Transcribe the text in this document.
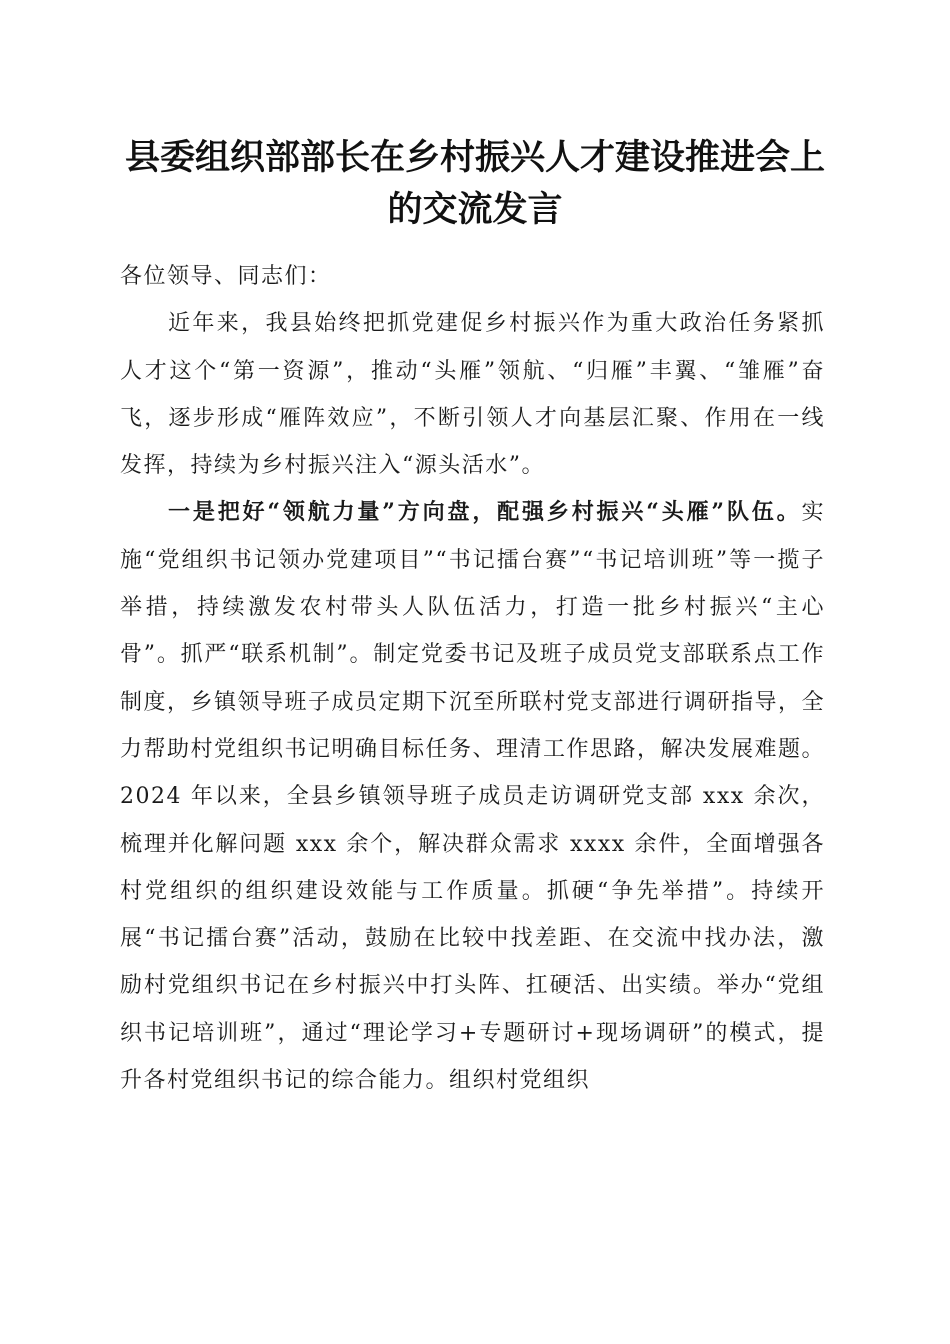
县委组织部部长在乡村振兴人才建设推进会上
的交流发言

各位领导、同志们：

近年来，我县始终把抓党建促乡村振兴作为重大政治任务紧抓人才这个“第一资源”，推动“头雁”领航、“归雁”丰翼、“雏雁”奋飞，逐步形成“雁阵效应”，不断引领人才向基层汇聚、作用在一线发挥，持续为乡村振兴注入“源头活水”。

一是把好“领航力量”方向盘，配强乡村振兴“头雁”队伍。实施“党组织书记领办党建项目”“书记擂台赛”“书记培训班”等一揽子举措，持续激发农村带头人队伍活力，打造一批乡村振兴“主心骨”。抓严“联系机制”。制定党委书记及班子成员党支部联系点工作制度，乡镇领导班子成员定期下沉至所联村党支部进行调研指导，全力帮助村党组织书记明确目标任务、理清工作思路，解决发展难题。2024 年以来，全县乡镇领导班子成员走访调研党支部 xxx 余次，梳理并化解问题 xxx 余个，解决群众需求 xxxx 余件，全面增强各村党组织的组织建设效能与工作质量。抓硬“争先举措”。持续开展“书记擂台赛”活动，鼓励在比较中找差距、在交流中找办法，激励村党组织书记在乡村振兴中打头阵、扛硬活、出实绩。举办“党组织书记培训班”，通过“理论学习+专题研讨+现场调研”的模式，提升各村党组织书记的综合能力。组织村党组织
